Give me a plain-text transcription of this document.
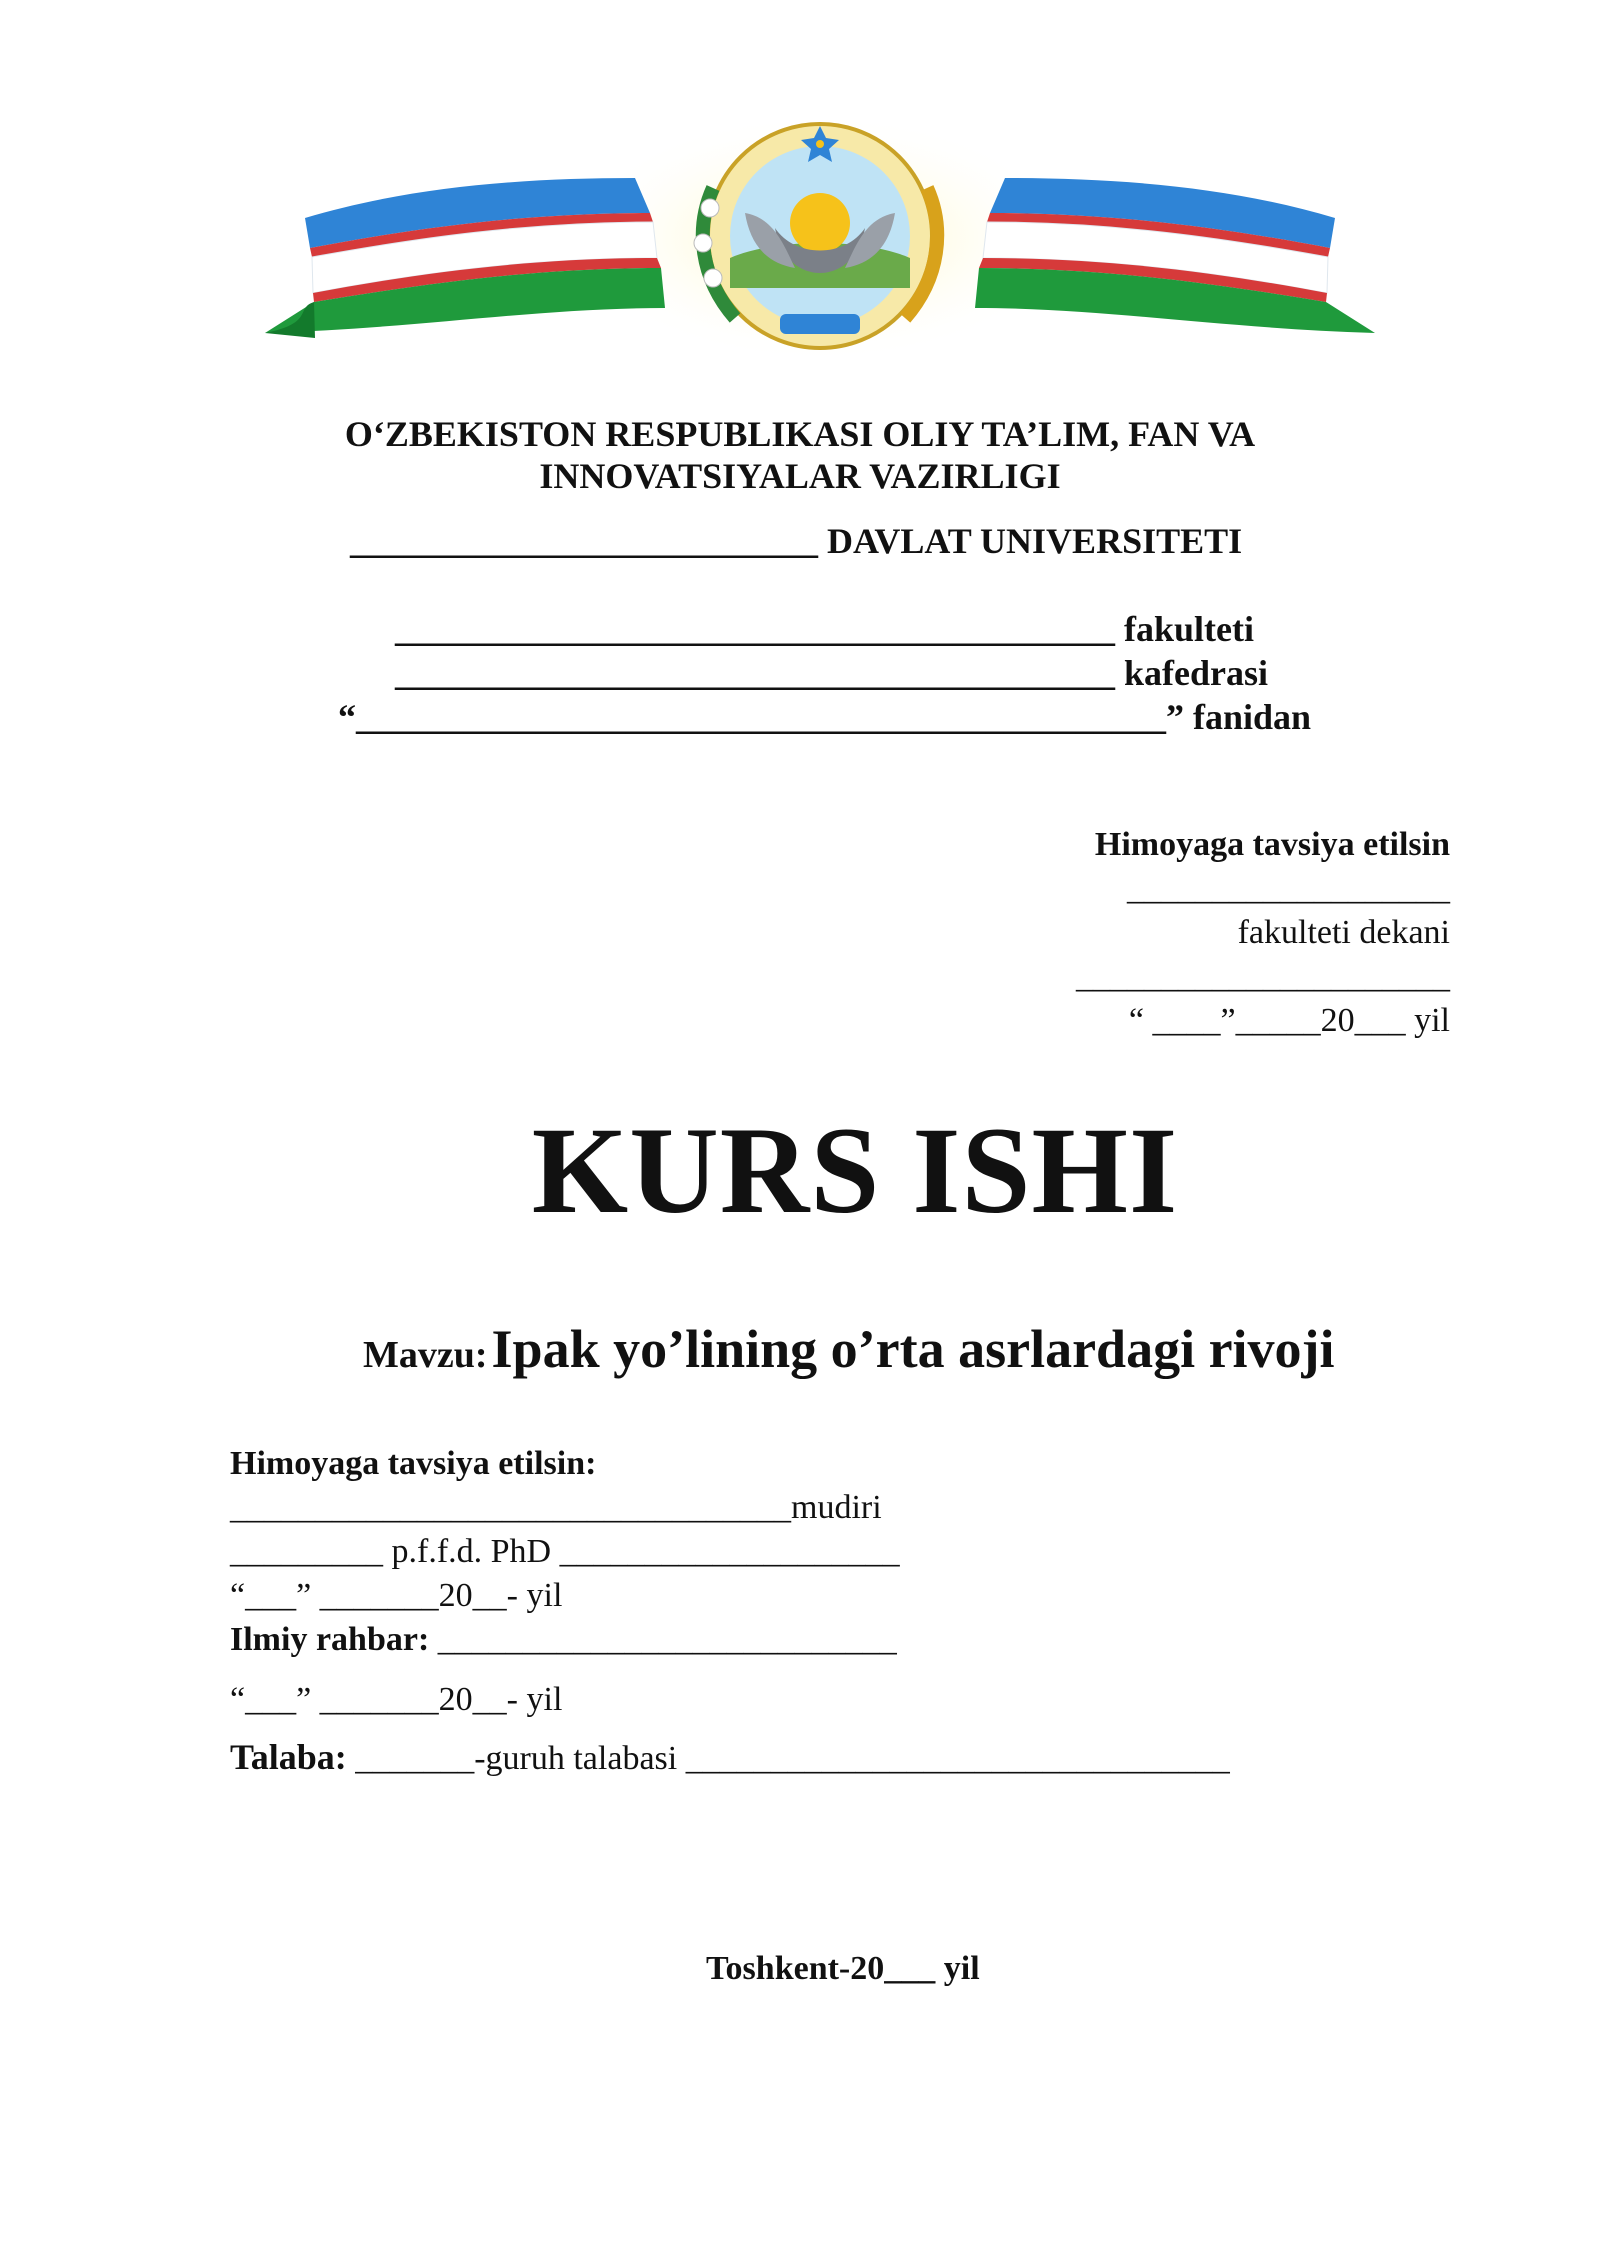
O‘ZBEKISTON RESPUBLIKASI OLIY TA’LIM, FAN VA
INNOVATSIYALAR VAZIRLIGI
__________________________ DAVLAT UNIVERSITETI
________________________________________ fakulteti
________________________________________ kafedrasi
“_____________________________________________” fanidan
Himoyaga tavsiya etilsin
___________________
fakulteti dekani
______________________
“ ____”_____20___ yil
KURS ISHI
Mavzu: Ipak yo’lining o’rta asrlardagi rivoji
Himoyaga tavsiya etilsin:
_________________________________mudiri
_________ p.f.f.d. PhD ____________________
“___” _______20__- yil
Ilmiy rahbar: ___________________________
“___” _______20__- yil
Talaba: _______-guruh talabasi ________________________________
Toshkent-20___ yil
